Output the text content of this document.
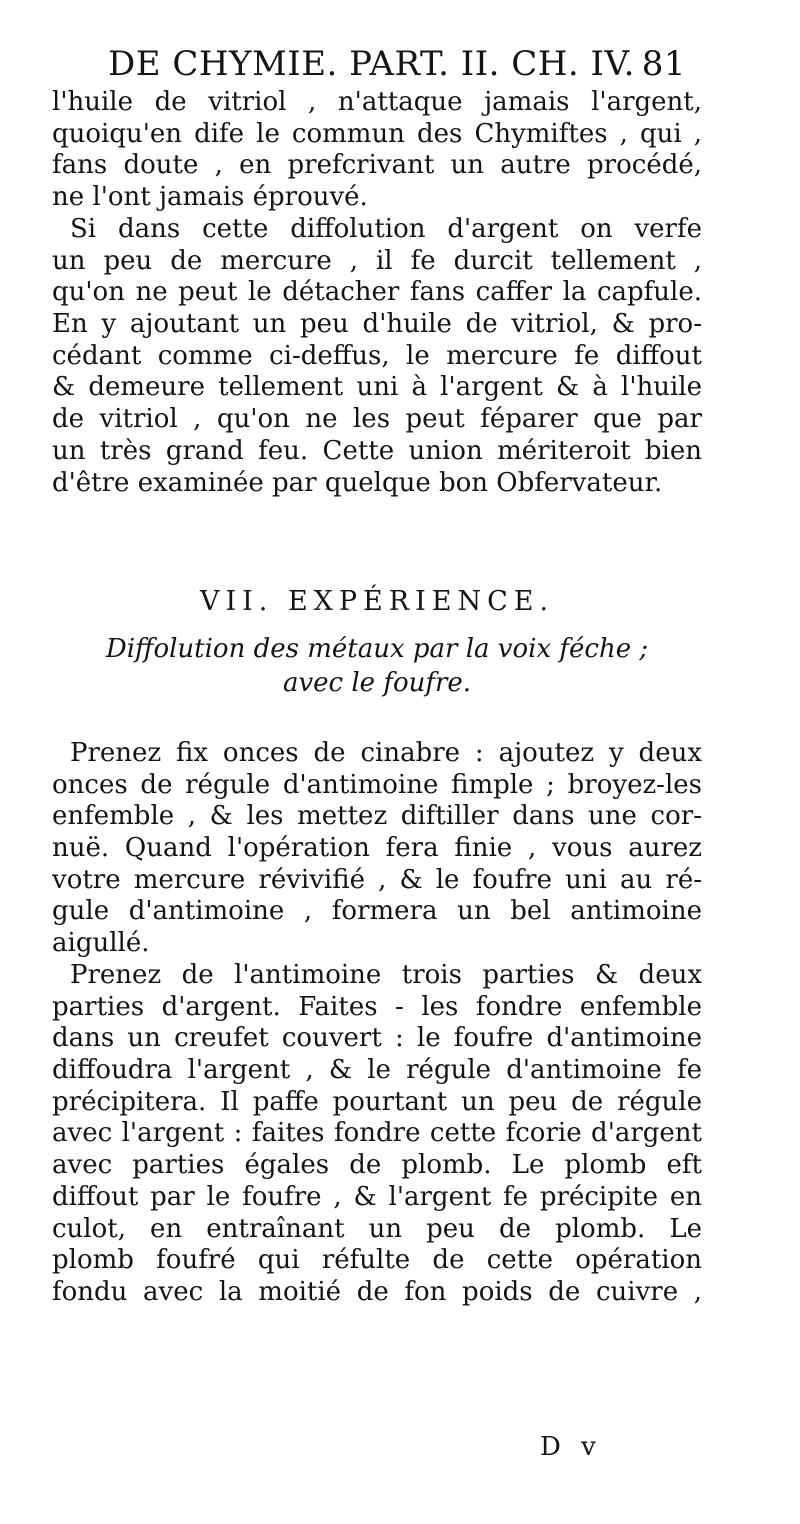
DE CHYMIE. PART. II. CH. IV. 81
l'huile de vitriol , n'attaque jamais l'argent,
quoiqu'en dife le commun des Chymiftes , qui ,
fans doute , en prefcrivant un autre procédé,
ne l'ont jamais éprouvé.
Si dans cette diffolution d'argent on verfe
un peu de mercure , il fe durcit tellement ,
qu'on ne peut le détacher fans caffer la capfule.
En y ajoutant un peu d'huile de vitriol, & pro-
cédant comme ci-deffus, le mercure fe diffout
& demeure tellement uni à l'argent & à l'huile
de vitriol , qu'on ne les peut féparer que par
un très grand feu. Cette union mériteroit bien
d'être examinée par quelque bon Obfervateur.
VII. EXPÉRIENCE.
Diffolution des métaux par la voix féche ;
avec le foufre.
Prenez fix onces de cinabre : ajoutez y deux
onces de régule d'antimoine fimple ; broyez-les
enfemble , & les mettez diftiller dans une cor-
nuë. Quand l'opération fera finie , vous aurez
votre mercure révivifié , & le foufre uni au ré-
gule d'antimoine , formera un bel antimoine
aigullé.
Prenez de l'antimoine trois parties & deux
parties d'argent. Faites - les fondre enfemble
dans un creufet couvert : le foufre d'antimoine
diffoudra l'argent , & le régule d'antimoine fe
précipitera. Il paffe pourtant un peu de régule
avec l'argent : faites fondre cette fcorie d'argent
avec parties égales de plomb. Le plomb eft
diffout par le foufre , & l'argent fe précipite en
culot, en entraînant un peu de plomb. Le
plomb foufré qui réfulte de cette opération
fondu avec la moitié de fon poids de cuivre ,
D v
